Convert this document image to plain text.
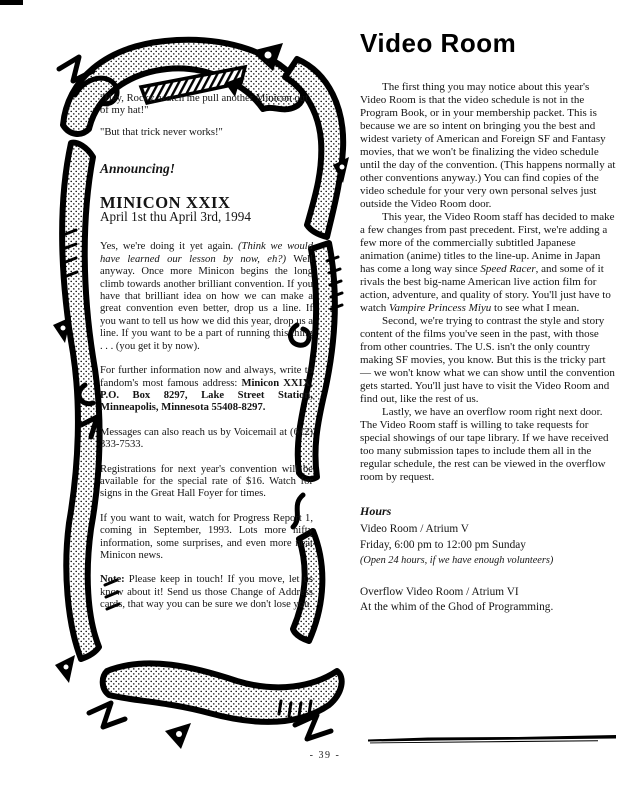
"Hey, Rocky, watch me pull another Minicon out of my hat!"

"But that trick never works!"

Announcing!

MINICON XXIX

April 1st thu April 3rd, 1994

Yes, we're doing it yet again. (Think we would have learned our lesson by now, eh?) Well anyway. Once more Minicon begins the long climb towards another brilliant convention. If you have that brilliant idea on how we can make a great convention even better, drop us a line. If you want to tell us how we did this year, drop us a line. If you want to be a part of running this thing . . . (you get it by now).

For further information now and always, write to fandom's most famous address: Minicon XXIX, P.O. Box 8297, Lake Street Station, Minneapolis, Minnesota 55408-8297.

Messages can also reach us by Voicemail at (612) 333-7533.

Registrations for next year's convention will be available for the special rate of $16. Watch for signs in the Great Hall Foyer for times.

If you want to wait, watch for Progress Report 1, coming in September, 1993. Lots more nifty information, some surprises, and even more neat Minicon news.

Note: Please keep in touch! If you move, let us know about it! Send us those Change of Address cards, that way you can be sure we don't lose you.

Video Room

The first thing you may notice about this year's Video Room is that the video schedule is not in the Program Book, or in your membership packet. This is because we are so intent on bringing you the best and widest variety of American and Foreign SF and Fantasy movies, that we won't be finalizing the video schedule until the day of the convention. (This happens normally at other conventions anyway.) You can find copies of the video schedule for your very own personal selves just outside the Video Room door.

This year, the Video Room staff has decided to make a few changes from past precedent. First, we're adding a few more of the commercially subtitled Japanese animation (anime) titles to the line-up. Anime in Japan has come a long way since Speed Racer, and some of it rivals the best big-name American live action film for action, adventure, and quality of story. You'll just have to watch Vampire Princess Miyu to see what I mean.

Second, we're trying to contrast the style and story content of the films you've seen in the past, with those from other countries. The U.S. isn't the only country making SF movies, you know. But this is the tricky part — we won't know what we can show until the convention gets started. You'll just have to visit the Video Room and find out, like the rest of us.

Lastly, we have an overflow room right next door. The Video Room staff is willing to take requests for special showings of our tape library. If we have received too many submission tapes to include them all in the regular schedule, the rest can be viewed in the overflow room by request.

Hours

Video Room / Atrium V

Friday, 6:00 pm to 12:00 pm Sunday

(Open 24 hours, if we have enough volunteers)

Overflow Video Room / Atrium VI

At the whim of the Ghod of Programming.

- 39 -
